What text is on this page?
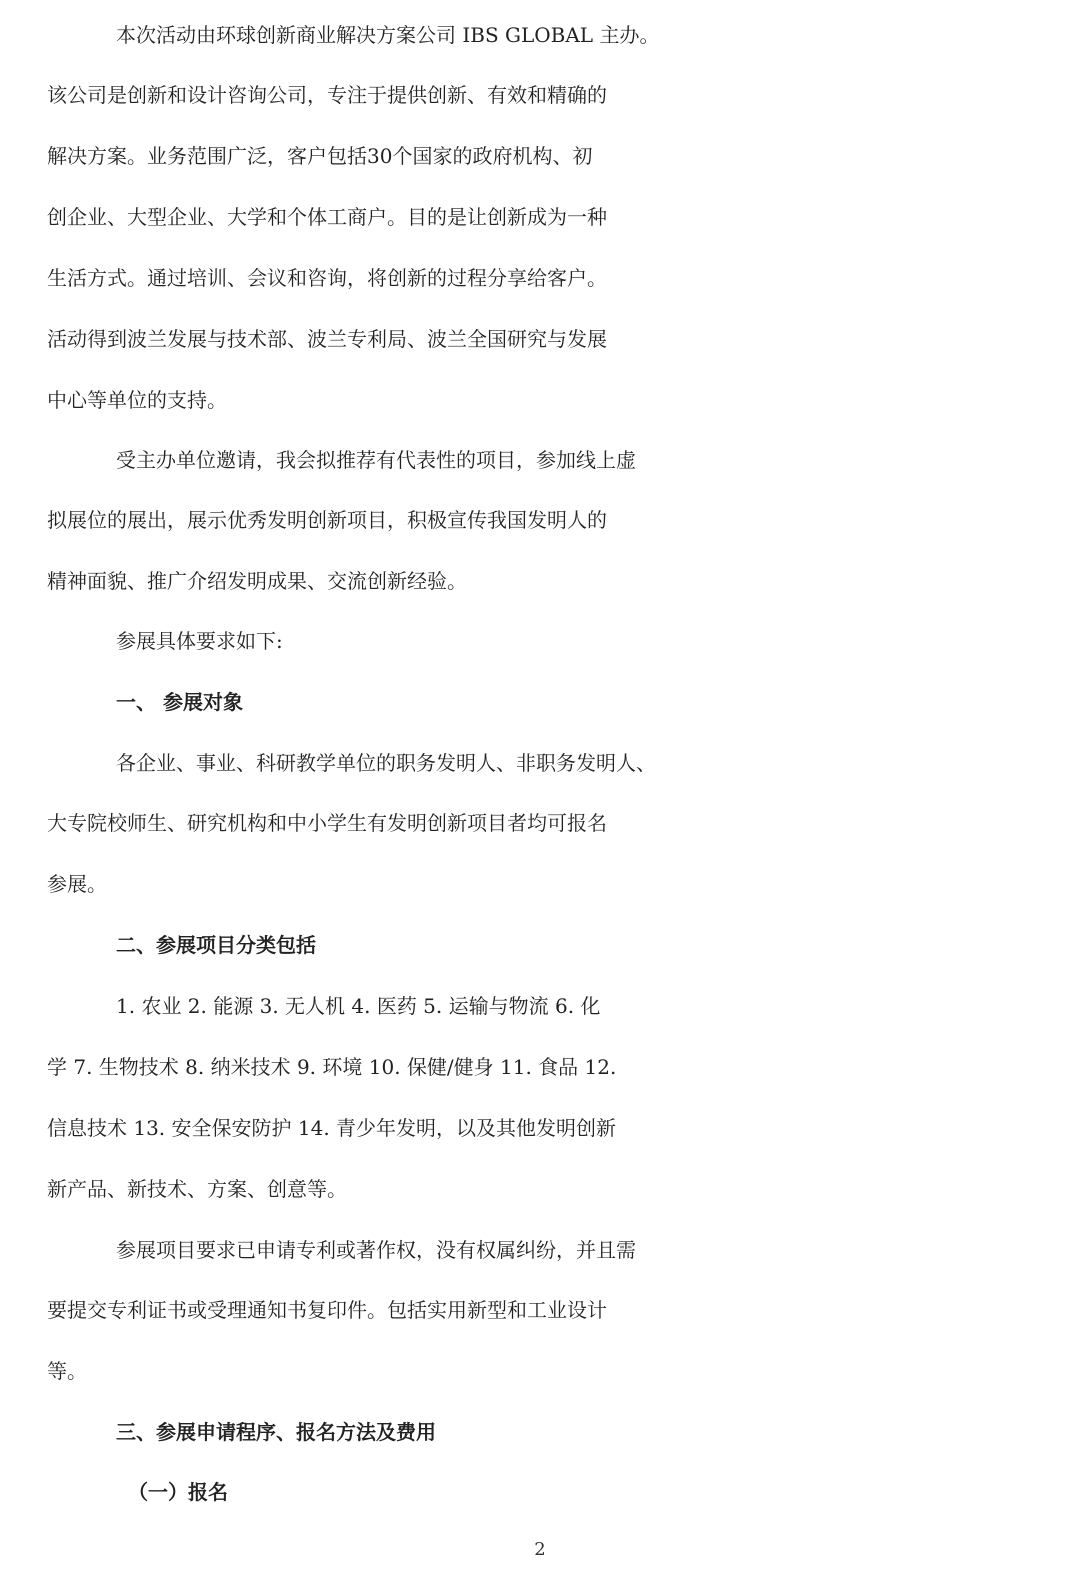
本次活动由环球创新商业解决方案公司 IBS GLOBAL 主办。
该公司是创新和设计咨询公司，专注于提供创新、有效和精确的
解决方案。业务范围广泛，客户包括30个国家的政府机构、初
创企业、大型企业、大学和个体工商户。目的是让创新成为一种
生活方式。通过培训、会议和咨询，将创新的过程分享给客户。
活动得到波兰发展与技术部、波兰专利局、波兰全国研究与发展
中心等单位的支持。
受主办单位邀请，我会拟推荐有代表性的项目，参加线上虚
拟展位的展出，展示优秀发明创新项目，积极宣传我国发明人的
精神面貌、推广介绍发明成果、交流创新经验。
参展具体要求如下:
一、 参展对象
各企业、事业、科研教学单位的职务发明人、非职务发明人、
大专院校师生、研究机构和中小学生有发明创新项目者均可报名
参展。
二、参展项目分类包括
1. 农业 2. 能源 3. 无人机 4. 医药 5. 运输与物流 6. 化
学 7. 生物技术 8. 纳米技术 9. 环境 10. 保健/健身 11. 食品 12.
信息技术 13. 安全保安防护 14. 青少年发明，以及其他发明创新
新产品、新技术、方案、创意等。
参展项目要求已申请专利或著作权，没有权属纠纷，并且需
要提交专利证书或受理通知书复印件。包括实用新型和工业设计
等。
三、参展申请程序、报名方法及费用
（一）报名
2
